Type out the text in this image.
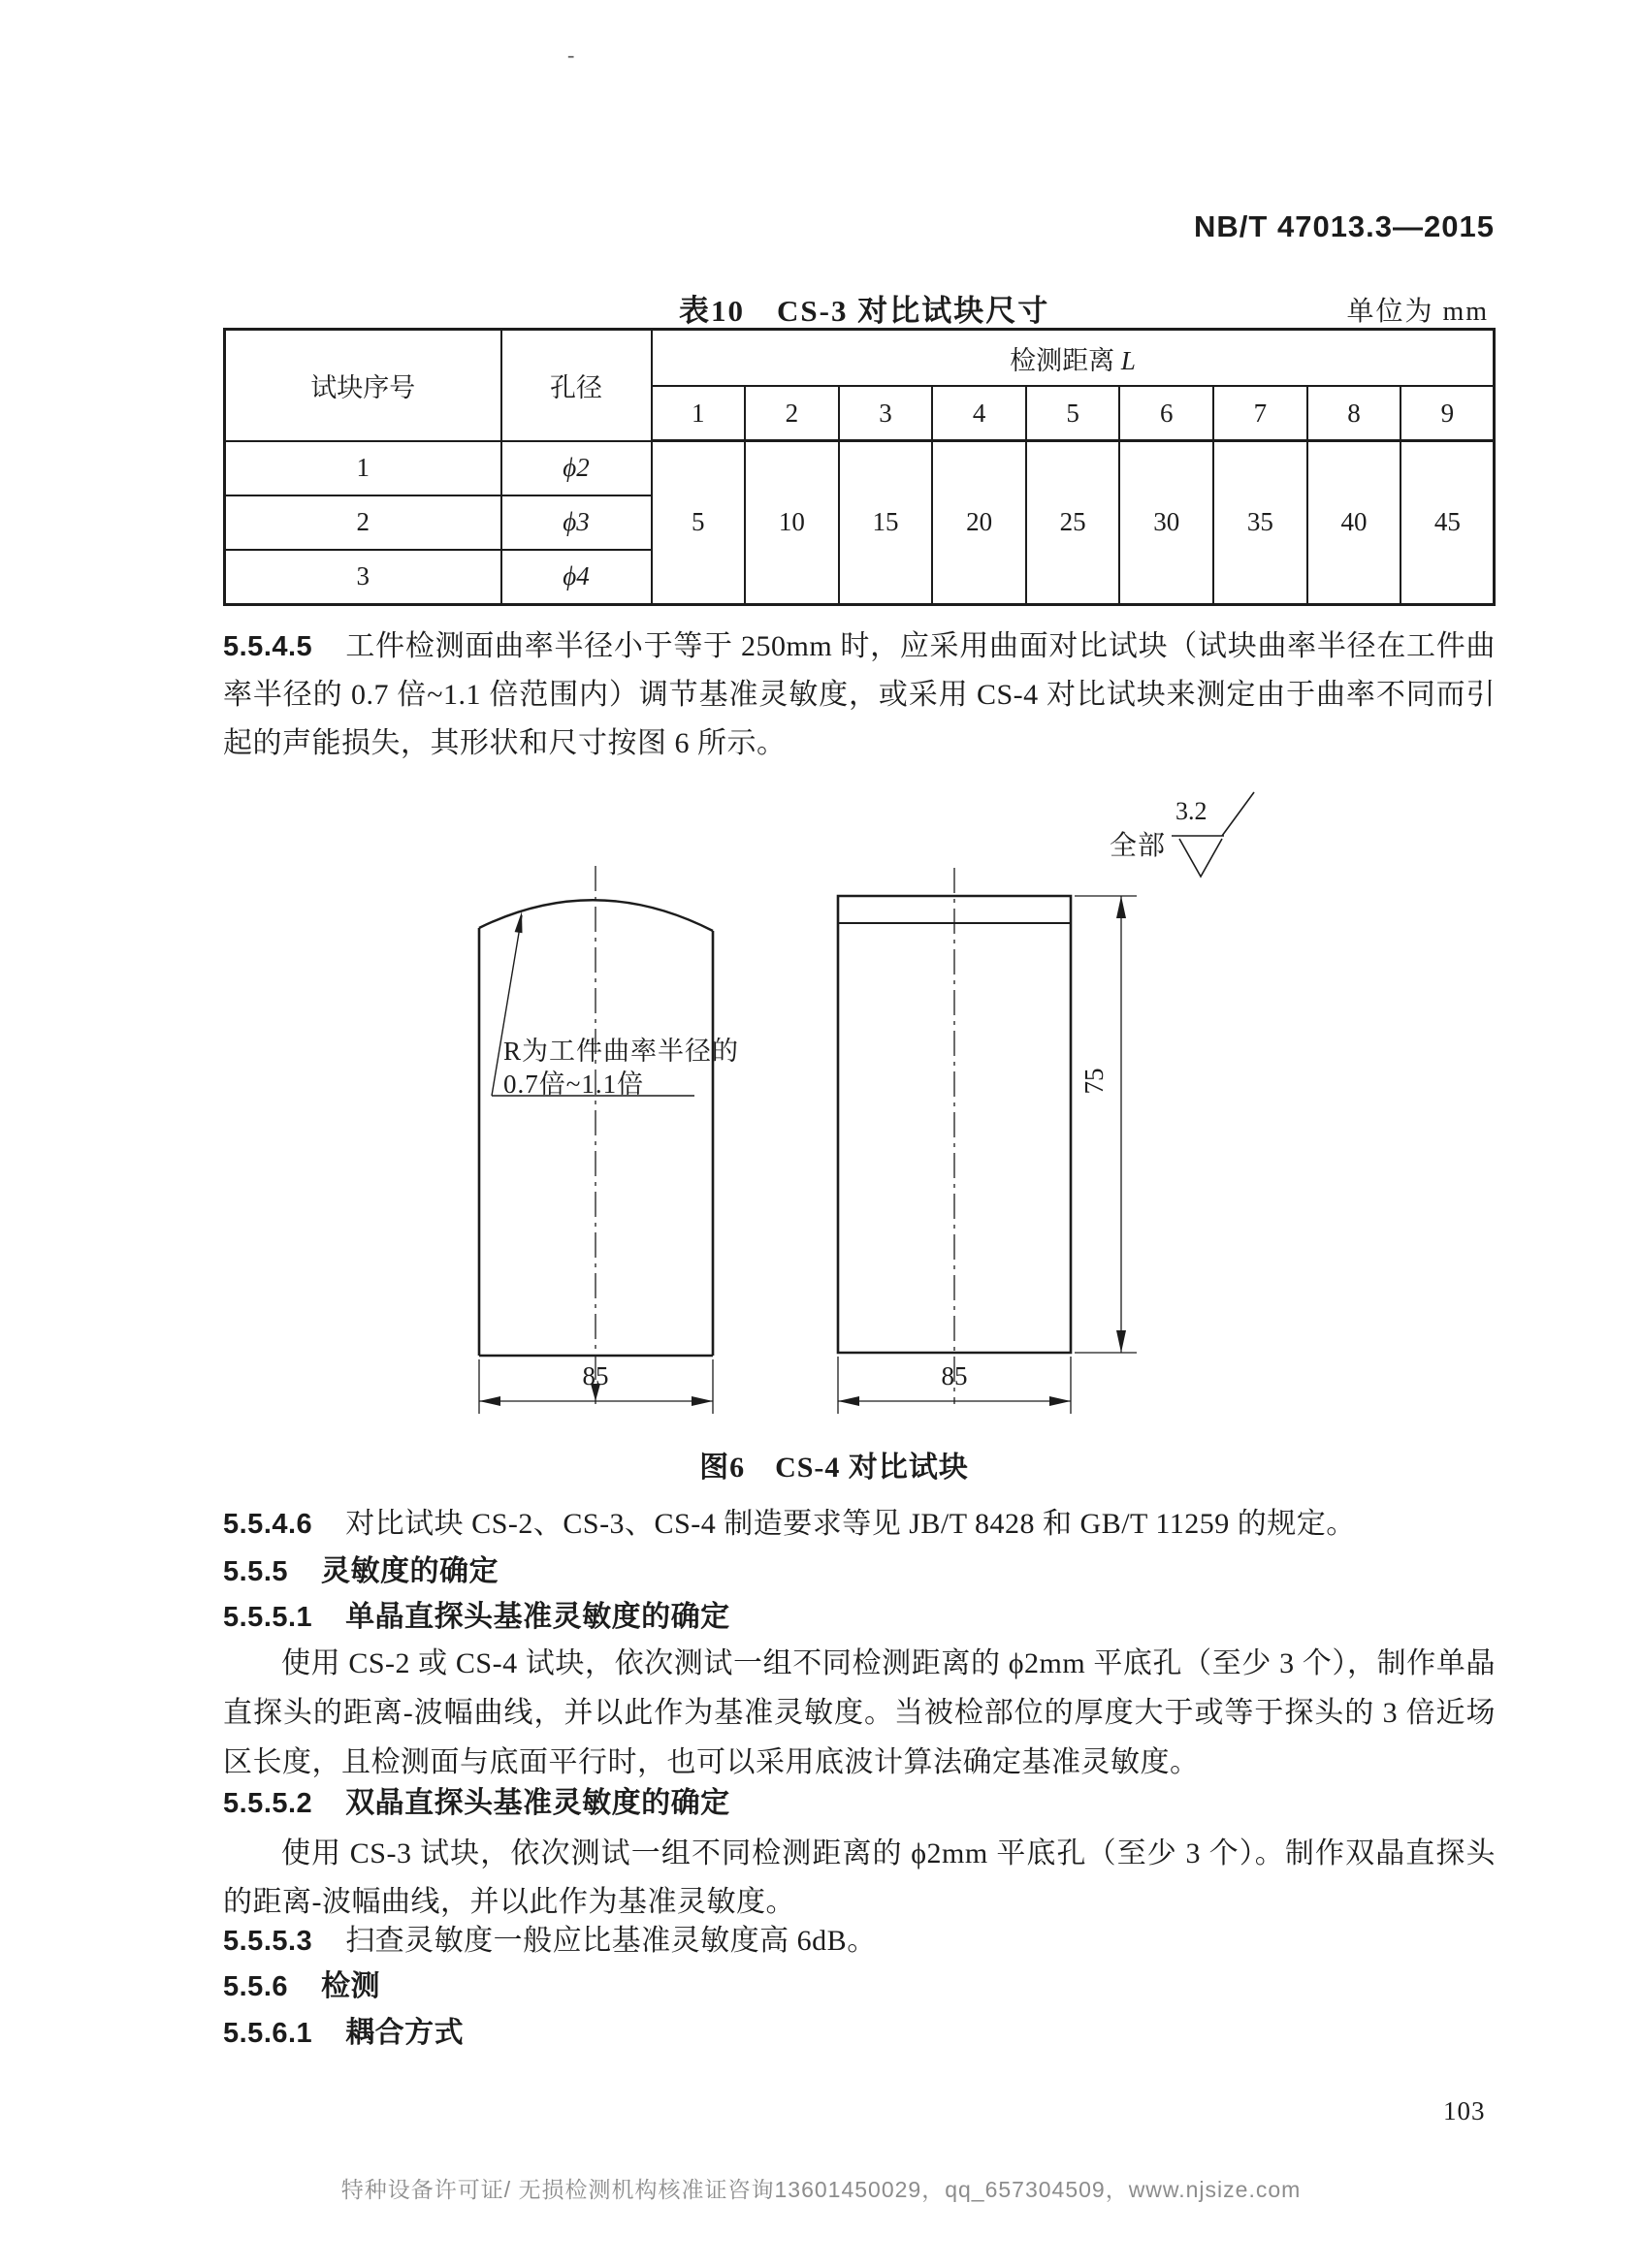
-
NB/T 47013.3—2015
表10　CS-3 对比试块尺寸	单位为 mm
试块序号	孔径	检测距离 L								
		1	2	3	4	5	6	7	8	9
1	ϕ2	5	10	15	20	25	30	35	40	45
2	ϕ3									
3	ϕ4									
5.5.4.5 工件检测面曲率半径小于等于 250mm 时，应采用曲面对比试块（试块曲率半径在工件曲率半径的 0.7 倍~1.1 倍范围内）调节基准灵敏度，或采用 CS-4 对比试块来测定由于曲率不同而引起的声能损失，其形状和尺寸按图 6 所示。
R为工件曲率半径的
0.7倍~1.1倍
85	85
75
全部
3.2
图6　CS-4 对比试块
5.5.4.6 对比试块 CS-2、CS-3、CS-4 制造要求等见 JB/T 8428 和 GB/T 11259 的规定。
5.5.5 灵敏度的确定
5.5.5.1 单晶直探头基准灵敏度的确定
使用 CS-2 或 CS-4 试块，依次测试一组不同检测距离的 ϕ2mm 平底孔（至少 3 个），制作单晶直探头的距离-波幅曲线，并以此作为基准灵敏度。当被检部位的厚度大于或等于探头的 3 倍近场区长度，且检测面与底面平行时，也可以采用底波计算法确定基准灵敏度。
5.5.5.2 双晶直探头基准灵敏度的确定
使用 CS-3 试块，依次测试一组不同检测距离的 ϕ2mm 平底孔（至少 3 个）。制作双晶直探头的距离-波幅曲线，并以此作为基准灵敏度。
5.5.5.3 扫查灵敏度一般应比基准灵敏度高 6dB。
5.5.6 检测
5.5.6.1 耦合方式
103
特种设备许可证/ 无损检测机构核准证咨询13601450029，qq_657304509，www.njsize.com
